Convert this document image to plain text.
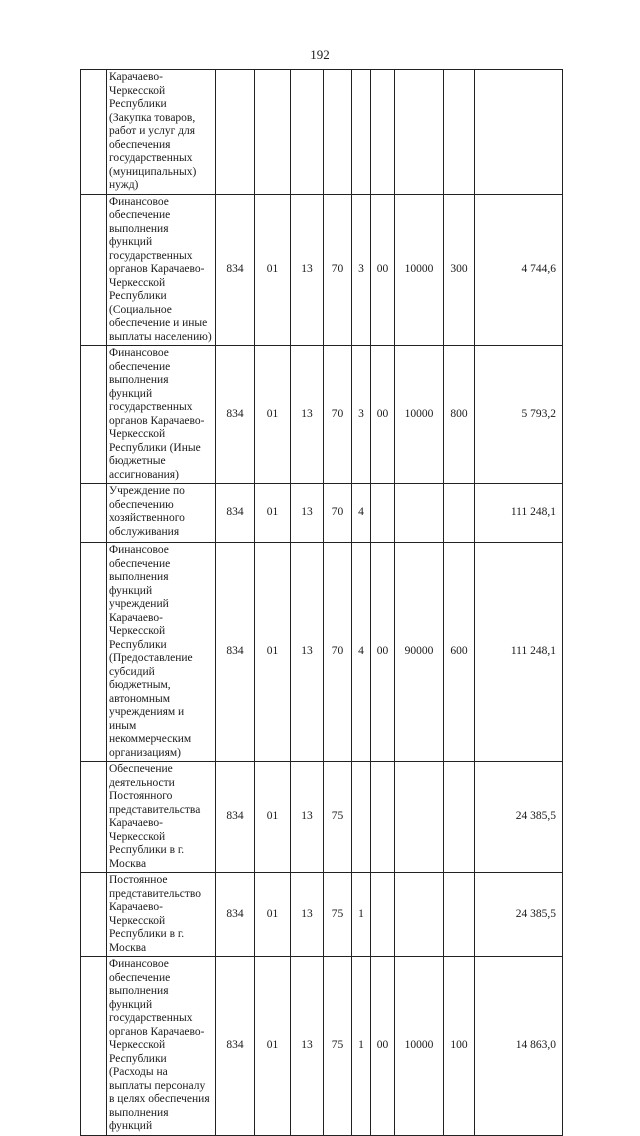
192
	Карачаево-Черкесской Республики (Закупка товаров, работ и услуг для обеспечения государственных (муниципальных) нужд)									
	Финансовое обеспечение выполнения функций государственных органов Карачаево-Черкесской Республики (Социальное обеспечение и иные выплаты населению)	834	01	13	70	3	00	10000	300	4 744,6
	Финансовое обеспечение выполнения функций государственных органов Карачаево-Черкесской Республики (Иные бюджетные ассигнования)	834	01	13	70	3	00	10000	800	5 793,2
	Учреждение по обеспечению хозяйственного обслуживания	834	01	13	70	4				111 248,1
	Финансовое обеспечение выполнения функций учреждений Карачаево-Черкесской Республики (Предоставление субсидий бюджетным, автономным учреждениям и иным некоммерческим организациям)	834	01	13	70	4	00	90000	600	111 248,1
	Обеспечение деятельности Постоянного представительства Карачаево-Черкесской Республики в г. Москва	834	01	13	75					24 385,5
	Постоянное представительство Карачаево-Черкесской Республики в г. Москва	834	01	13	75	1				24 385,5
	Финансовое обеспечение выполнения функций государственных органов Карачаево-Черкесской Республики (Расходы на выплаты персоналу в целях обеспечения выполнения функций	834	01	13	75	1	00	10000	100	14 863,0
